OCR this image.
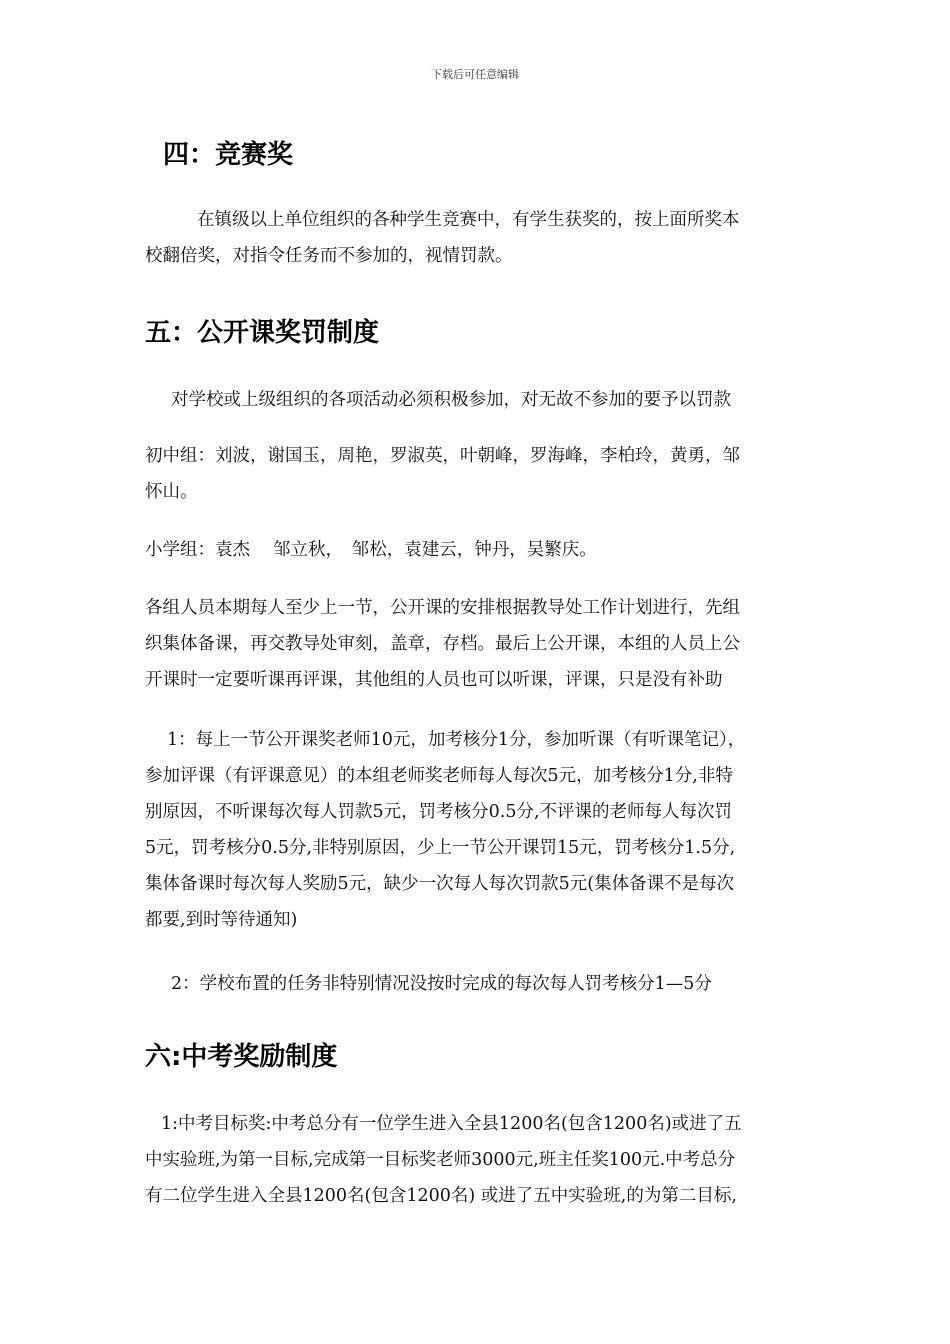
下载后可任意编辑
四：竞赛奖
在镇级以上单位组织的各种学生竞赛中，有学生获奖的，按上面所奖本
校翻倍奖，对指令任务而不参加的，视情罚款。
五：公开课奖罚制度
对学校或上级组织的各项活动必须积极参加，对无故不参加的要予以罚款
初中组：刘波，谢国玉，周艳，罗淑英，叶朝峰，罗海峰，李柏玲，黄勇，邹
怀山。
小学组：袁杰　 邹立秋，　邹松，袁建云，钟丹，吴繁庆。
各组人员本期每人至少上一节，公开课的安排根据教导处工作计划进行，先组
织集体备课，再交教导处审刻，盖章，存档。最后上公开课，本组的人员上公
开课时一定要听课再评课，其他组的人员也可以听课，评课，只是没有补助
1：每上一节公开课奖老师10元，加考核分1分，参加听课（有听课笔记），
参加评课（有评课意见）的本组老师奖老师每人每次5元，加考核分1分,非特
别原因，不听课每次每人罚款5元，罚考核分0.5分,不评课的老师每人每次罚
5元，罚考核分0.5分,非特别原因，少上一节公开课罚15元，罚考核分1.5分,
集体备课时每次每人奖励5元，缺少一次每人每次罚款5元(集体备课不是每次
都要,到时等待通知)
2：学校布置的任务非特别情况没按时完成的每次每人罚考核分1—5分
六:中考奖励制度
1:中考目标奖:中考总分有一位学生进入全县1200名(包含1200名)或进了五
中实验班,为第一目标,完成第一目标奖老师3000元,班主任奖100元.中考总分
有二位学生进入全县1200名(包含1200名) 或进了五中实验班,的为第二目标,
